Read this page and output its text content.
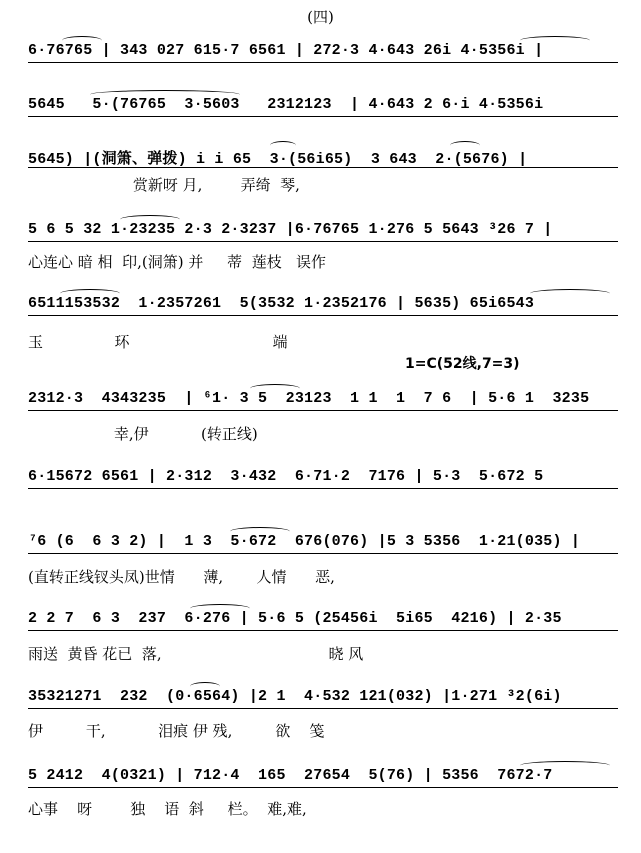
(四)
6·76765 | 343 027 615·7 6561 | 272·3 4·643 26i 4·5356i |
5645   5·(76765  3·5603   2312123  | 4·643 2 6·i 4·5356i
5645) |(洞箫、弹拨) i i 65  3·(56i65)  3 643  2·(5676) |
赏新呀 月,        弄绮  琴,
5 6 5 32 1·23235 2·3 2·3237 |6·76765 1·276 5 5643 ³26 7 |
心连心 暗 相  印,(洞箫) 并     蒂  莲枝   误作
6511153532  1·2357261  5(3532 1·2352176 | 5635) 65i6543
玉               环                              端
1=C(52线,7=3)
2312·3  4343235  | ⁶1· 3 5  23123  1 1  1  7 6  | 5·6 1  3235
幸,伊           (转正线)
6·15672 6561 | 2·312  3·432  6·71·2  7176 | 5·3  5·672 5
⁷6 (6  6 3 2) |  1 3  5·672  676(076) |5 3 5356  1·21(035) |
(直转正线钗头凤)世情      薄,       人情      恶,
2 2 7  6 3  237  6·276 | 5·6 5 (25456i  5i65  4216) | 2·35
雨送  黄昏 花已  落,                                   晓 风
35321271  232  (0·6564) |2 1  4·532 121(032) |1·271 ³2(6i)
伊         干,           泪痕 伊 残,         欲    笺
5 2412  4(0321) | 712·4  165  27654  5(76) | 5356  7672·7
心事    呀        独    语  斜     栏。  难,难,
